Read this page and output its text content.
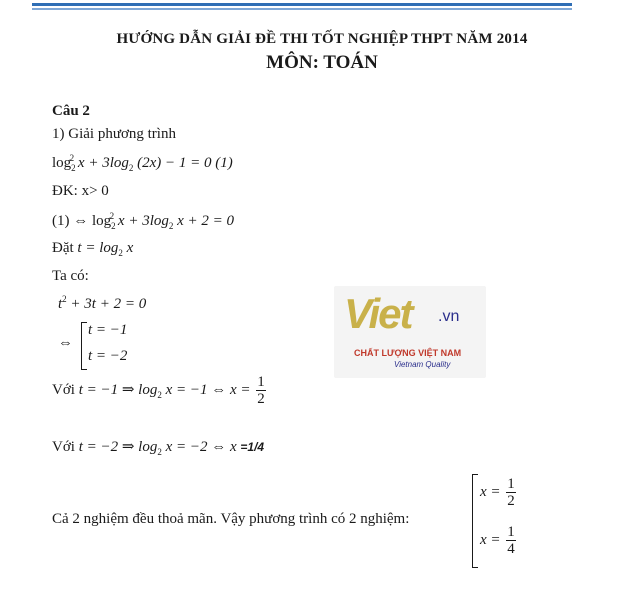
HƯỚNG DẪN GIẢI ĐỀ THI TỐT NGHIỆP THPT NĂM 2014
MÔN: TOÁN
Câu 2
1) Giải phương trình
$\log_2^2 x + 3\log_2$ (2x) − 1 = 0 (1)
ĐK: x> 0
(1) ⇔ $\log_2^2 x + 3\log_2$ x + 2 = 0
Đặt $t = \log_2 x$
Ta có:
$t^2 + 3t + 2 = 0$
⇔
t = −1
t = −2
Với t = −1 ⇒ $\log_2 x = -1$ ⇔ $x = \frac{1}{2}$
Với t = −2 ⇒ $\log_2 x = -2$ ⇔ x =1/4
Cả 2 nghiệm đều thoả mãn. Vậy phương trình có 2 nghiệm:
$x = \frac{1}{2}$
$x = \frac{1}{4}$
Viet .vn
CHẤT LƯỢNG VIỆT NAM
Vietnam Quality
